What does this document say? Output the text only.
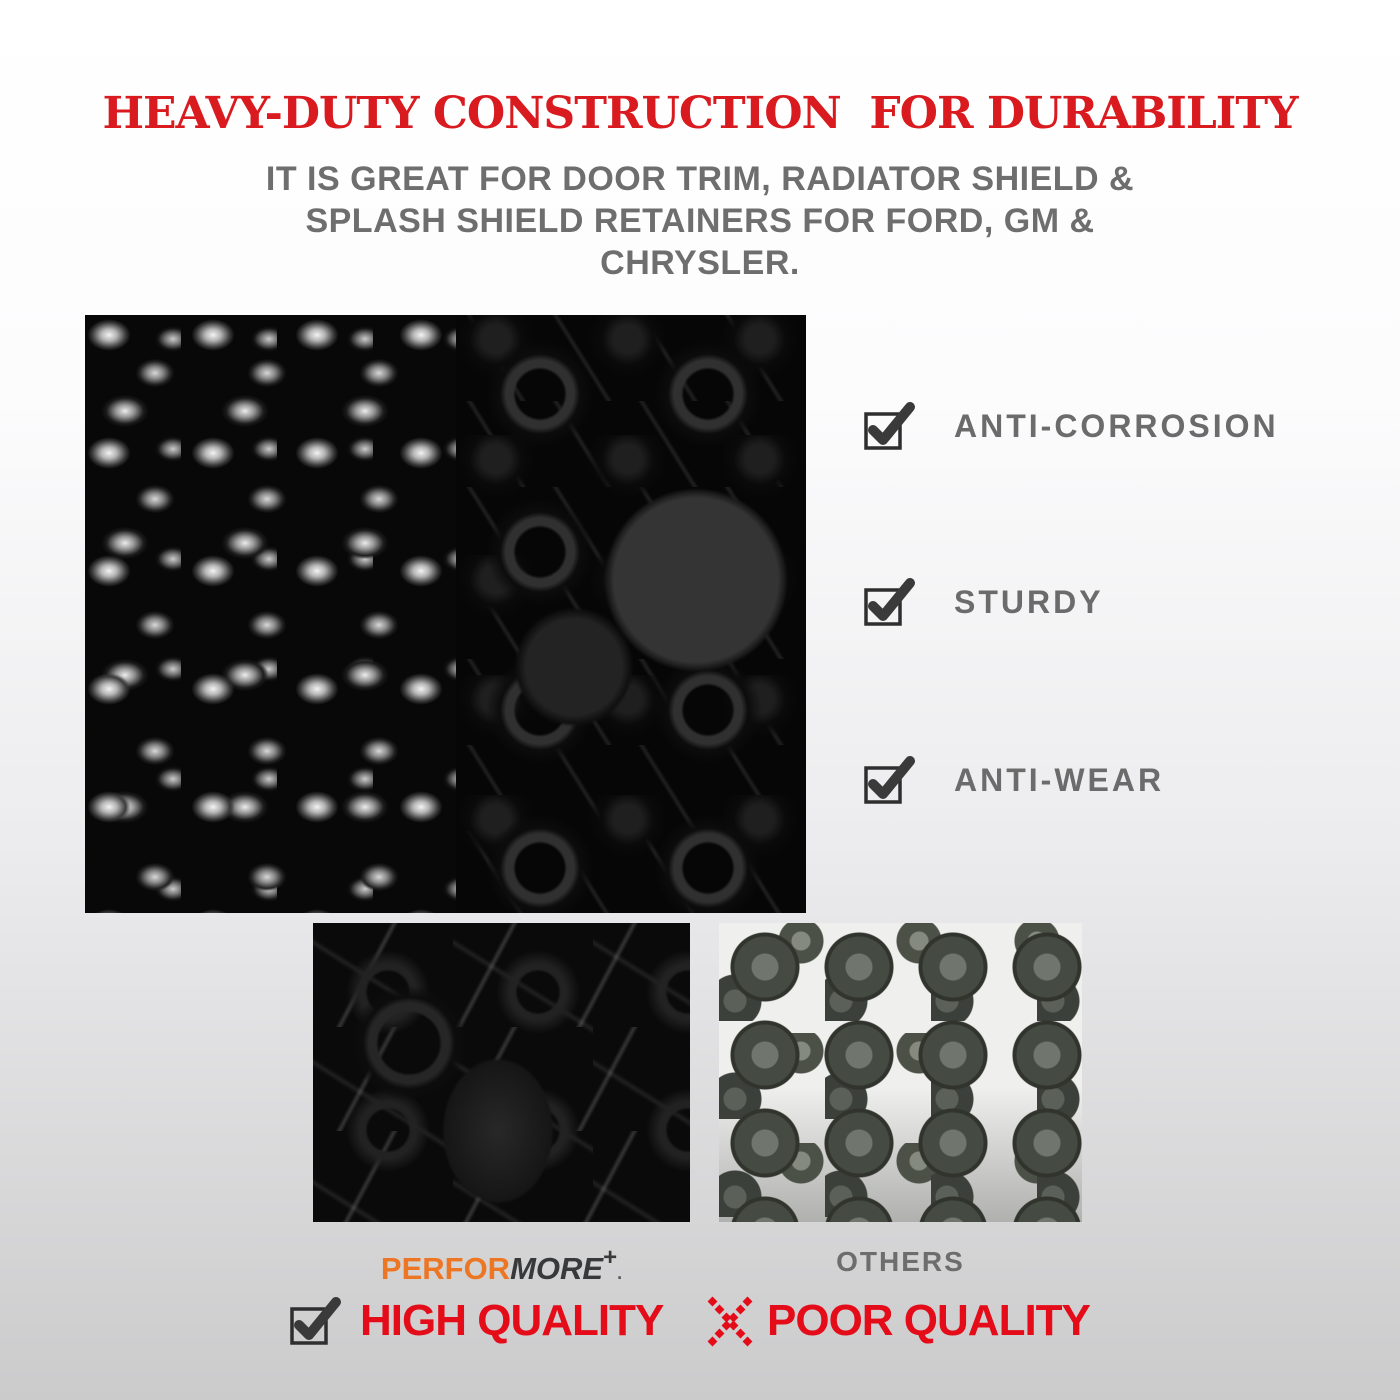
HEAVY-DUTY CONSTRUCTION  FOR DURABILITY
IT IS GREAT FOR DOOR TRIM, RADIATOR SHIELD &
SPLASH SHIELD RETAINERS FOR FORD, GM &
CHRYSLER.
ANTI-CORROSION
STURDY
ANTI-WEAR
PERFORMORE+.	OTHERS
HIGH QUALITY POOR QUALITY
